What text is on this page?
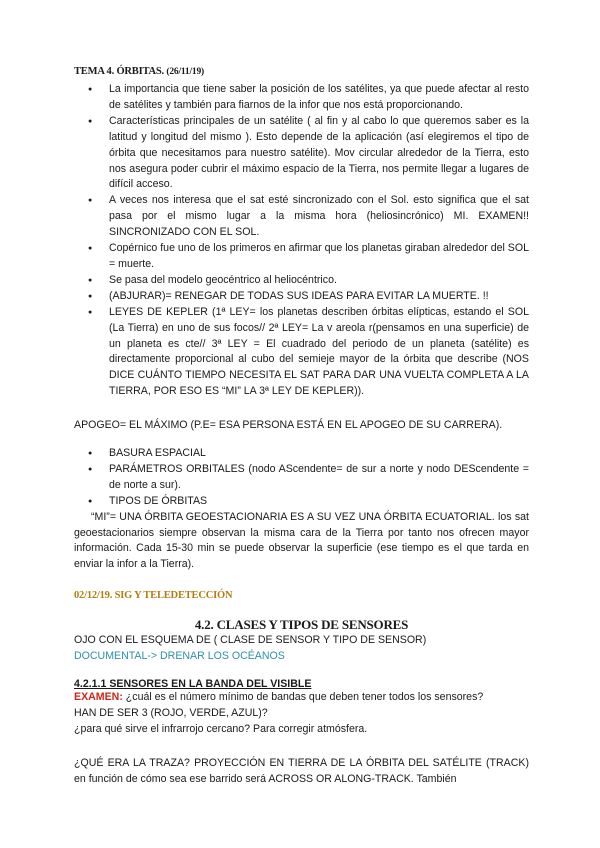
TEMA 4. ÓRBITAS. (26/11/19)
● La importancia que tiene saber la posición de los satélites, ya que puede afectar al resto de satélites y también para fiarnos de la infor que nos está proporcionando.
● Características principales de un satélite ( al fin y al cabo lo que queremos saber es la latitud y longitud del mismo ). Esto depende de la aplicación (así elegiremos el tipo de órbita que necesitamos para nuestro satélite). Mov circular alrededor de la Tierra, esto nos asegura poder cubrir el máximo espacio de la Tierra, nos permite llegar a lugares de difícil acceso.
● A veces nos interesa que el sat esté sincronizado con el Sol. esto significa que el sat pasa por el mismo lugar a la misma hora (heliosincrónico) MI. EXAMEN!! SINCRONIZADO CON EL SOL.
● Copérnico fue uno de los primeros en afirmar que los planetas giraban alrededor del SOL = muerte.
● Se pasa del modelo geocéntrico al heliocéntrico.
● (ABJURAR)= RENEGAR DE TODAS SUS IDEAS PARA EVITAR LA MUERTE. !!
● LEYES DE KEPLER (1ª LEY= los planetas describen órbitas elípticas, estando el SOL (La Tierra) en uno de sus focos// 2ª LEY= La v areola r(pensamos en una superficie) de un planeta es cte// 3ª LEY = El cuadrado del periodo de un planeta (satélite) es directamente proporcional al cubo del semieje mayor de la órbita que describe (NOS DICE CUÁNTO TIEMPO NECESITA EL SAT PARA DAR UNA VUELTA COMPLETA A LA TIERRA, POR ESO ES “MI” LA 3ª LEY DE KEPLER)).

APOGEO= EL MÁXIMO (P.E= ESA PERSONA ESTÁ EN EL APOGEO DE SU CARRERA).

● BASURA ESPACIAL
● PARÁMETROS ORBITALES (nodo AScendente= de sur a norte y nodo DEScendente = de norte a sur).
● TIPOS DE ÓRBITAS

“MI”= UNA ÓRBITA GEOESTACIONARIA ES A SU VEZ UNA ÓRBITA ECUATORIAL. los sat geoestacionarios siempre observan la misma cara de la Tierra por tanto nos ofrecen mayor información. Cada 15-30 min se puede observar la superficie (ese tiempo es el que tarda en enviar la infor a la Tierra).

02/12/19. SIG Y TELEDETECCIÓN
4.2. CLASES Y TIPOS DE SENSORES

OJO CON EL ESQUEMA DE ( CLASE DE SENSOR Y TIPO DE SENSOR)

DOCUMENTAL-> DRENAR LOS OCÉANOS

4.2.1.1 SENSORES EN LA BANDA DEL VISIBLE

EXAMEN: ¿cuál es el número mínimo de bandas que deben tener todos los sensores?

HAN DE SER 3 (ROJO, VERDE, AZUL)?

¿para qué sirve el infrarrojo cercano? Para corregir atmósfera.

¿QUÉ ERA LA TRAZA? PROYECCIÓN EN TIERRA DE LA ÓRBITA DEL SATÉLITE (TRACK) en función de cómo sea ese barrido será ACROSS OR ALONG-TRACK. También
